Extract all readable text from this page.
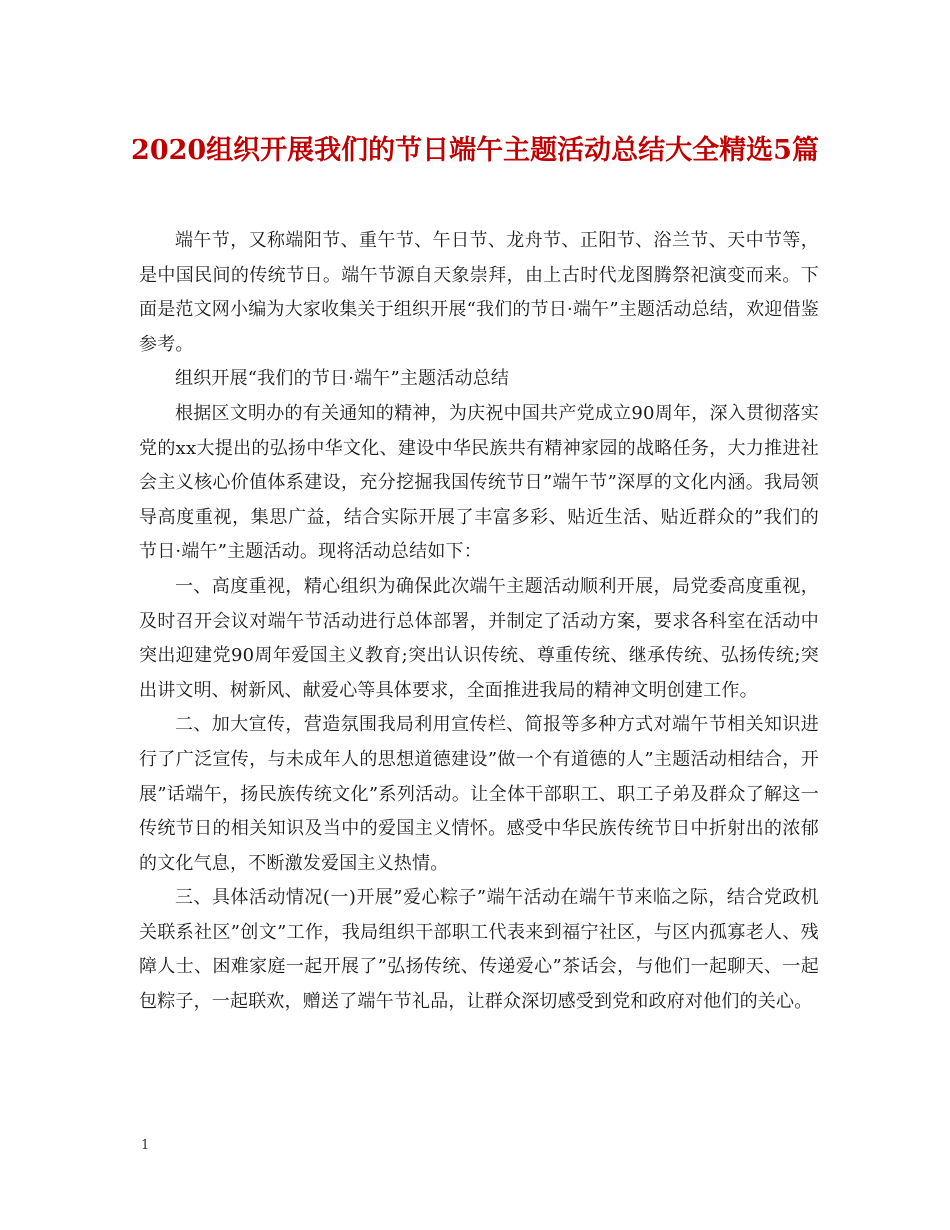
2020组织开展我们的节日端午主题活动总结大全精选5篇

端午节，又称端阳节、重午节、午日节、龙舟节、正阳节、浴兰节、天中节等，是中国民间的传统节日。端午节源自天象崇拜，由上古时代龙图腾祭祀演变而来。下面是范文网小编为大家收集关于组织开展“我们的节日·端午”主题活动总结，欢迎借鉴参考。

组织开展“我们的节日·端午”主题活动总结

根据区文明办的有关通知的精神，为庆祝中国共产党成立90周年，深入贯彻落实党的xx大提出的弘扬中华文化、建设中华民族共有精神家园的战略任务，大力推进社会主义核心价值体系建设，充分挖掘我国传统节日”端午节”深厚的文化内涵。我局领导高度重视，集思广益，结合实际开展了丰富多彩、贴近生活、贴近群众的”我们的节日·端午”主题活动。现将活动总结如下：

一、高度重视，精心组织为确保此次端午主题活动顺利开展，局党委高度重视，及时召开会议对端午节活动进行总体部署，并制定了活动方案，要求各科室在活动中突出迎建党90周年爱国主义教育;突出认识传统、尊重传统、继承传统、弘扬传统;突出讲文明、树新风、献爱心等具体要求，全面推进我局的精神文明创建工作。

二、加大宣传，营造氛围我局利用宣传栏、简报等多种方式对端午节相关知识进行了广泛宣传，与未成年人的思想道德建设”做一个有道德的人”主题活动相结合，开展”话端午，扬民族传统文化”系列活动。让全体干部职工、职工子弟及群众了解这一传统节日的相关知识及当中的爱国主义情怀。感受中华民族传统节日中折射出的浓郁的文化气息，不断激发爱国主义热情。

三、具体活动情况(一)开展”爱心粽子”端午活动在端午节来临之际，结合党政机关联系社区”创文”工作，我局组织干部职工代表来到福宁社区，与区内孤寡老人、残障人士、困难家庭一起开展了”弘扬传统、传递爱心”茶话会，与他们一起聊天、一起包粽子，一起联欢，赠送了端午节礼品，让群众深切感受到党和政府对他们的关心。

1
